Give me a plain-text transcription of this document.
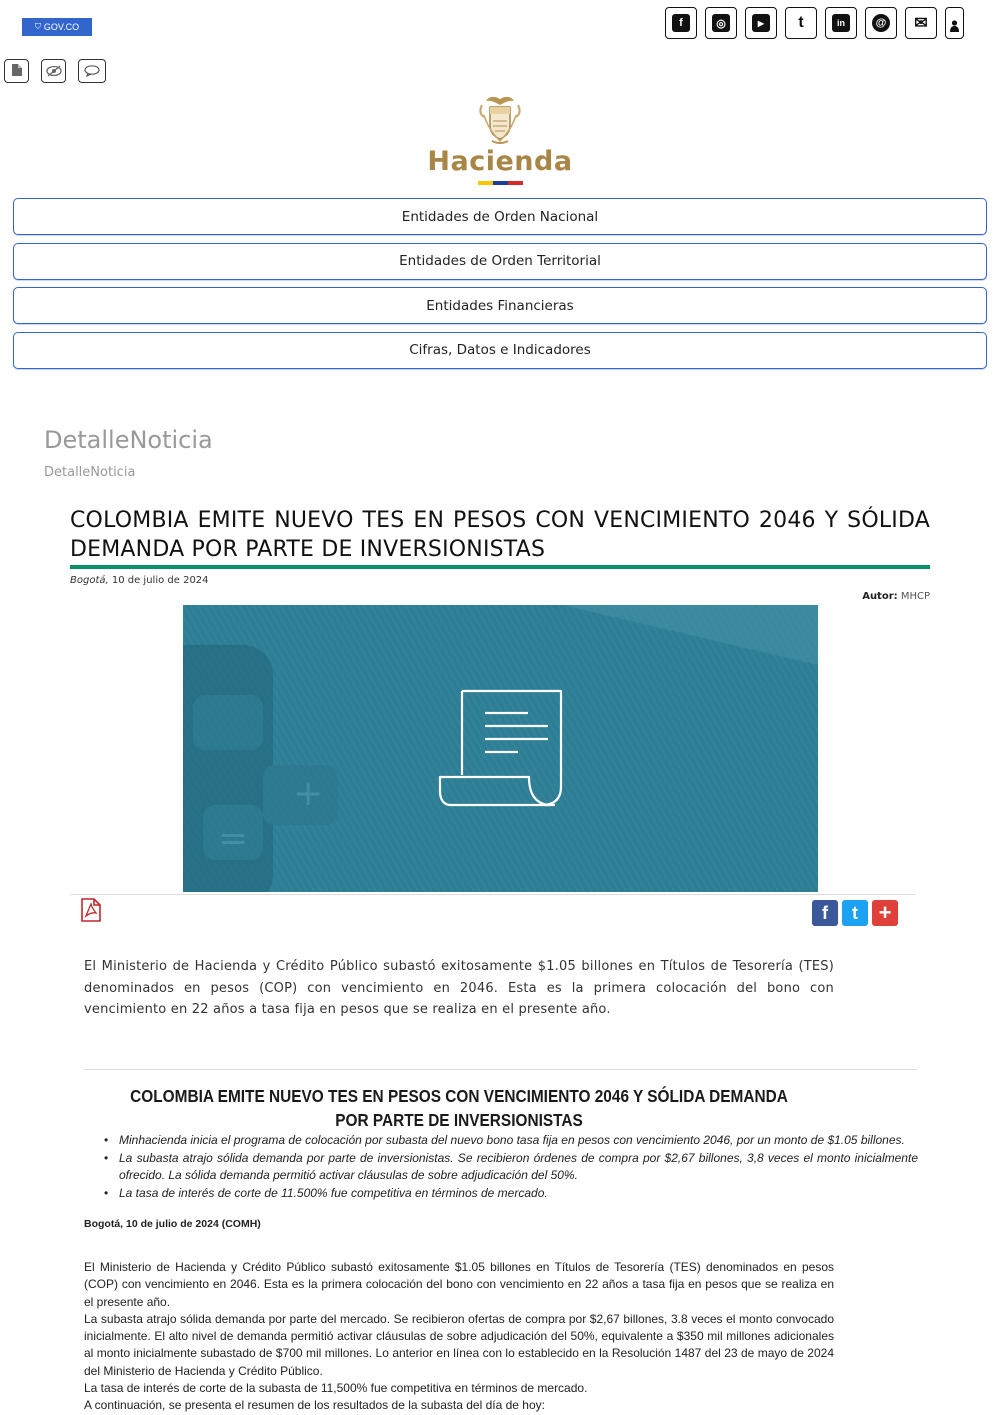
⛉ GOV.CO	f	◎	▶	t	in	@ ✉
Hacienda
Entidades de Orden Nacional
Entidades de Orden Territorial
Entidades Financieras
Cifras, Datos e Indicadores
DetalleNoticia
DetalleNoticia
COLOMBIA EMITE NUEVO TES EN PESOS CON VENCIMIENTO 2046 Y SÓLIDA DEMANDA POR PARTE DE INVERSIONISTAS
Bogotá, 10 de julio de 2024
Autor: MHCP
+
=
f	t +

El Ministerio de Hacienda y Crédito Público subastó exitosamente $1.05 billones en Títulos de Tesorería (TES) denominados en pesos (COP) con vencimiento en 2046. Esta es la primera colocación del bono con vencimiento en 22 años a tasa fija en pesos que se realiza en el presente año.

COLOMBIA EMITE NUEVO TES EN PESOS CON VENCIMIENTO 2046 Y SÓLIDA DEMANDA POR PARTE DE INVERSIONISTAS
• Minhacienda inicia el programa de colocación por subasta del nuevo bono tasa fija en pesos con vencimiento 2046, por un monto de $1.05 billones.
• La subasta atrajo sólida demanda por parte de inversionistas. Se recibieron órdenes de compra por $2,67 billones, 3,8 veces el monto inicialmente ofrecido. La sólida demanda permitió activar cláusulas de sobre adjudicación del 50%.
• La tasa de interés de corte de 11.500% fue competitiva en términos de mercado.
Bogotá, 10 de julio de 2024 (COMH)

El Ministerio de Hacienda y Crédito Público subastó exitosamente $1.05 billones en Títulos de Tesorería (TES) denominados en pesos (COP) con vencimiento en 2046. Esta es la primera colocación del bono con vencimiento en 22 años a tasa fija en pesos que se realiza en el presente año.

La subasta atrajo sólida demanda por parte del mercado. Se recibieron ofertas de compra por $2,67 billones, 3.8 veces el monto convocado inicialmente. El alto nivel de demanda permitió activar cláusulas de sobre adjudicación del 50%, equivalente a $350 mil millones adicionales al monto inicialmente subastado de $700 mil millones. Lo anterior en línea con lo establecido en la Resolución 1487 del 23 de mayo de 2024 del Ministerio de Hacienda y Crédito Público.

La tasa de interés de corte de la subasta de 11,500% fue competitiva en términos de mercado.

A continuación, se presenta el resumen de los resultados de la subasta del día de hoy:
